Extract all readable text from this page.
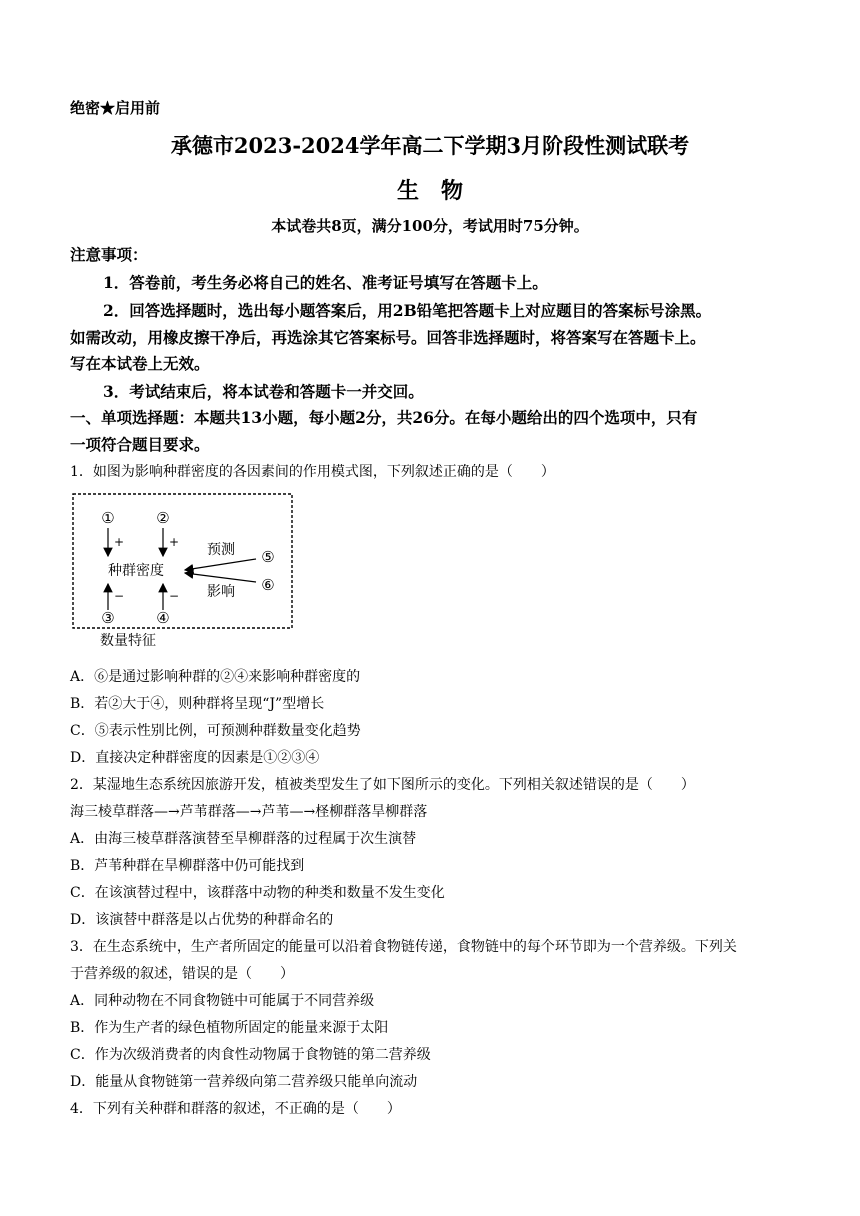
绝密★启用前
承德市2023-2024学年高二下学期3月阶段性测试联考
生物
本试卷共8页，满分100分，考试用时75分钟。
注意事项：
1．答卷前，考生务必将自己的姓名、准考证号填写在答题卡上。
2．回答选择题时，选出每小题答案后，用2B铅笔把答题卡上对应题目的答案标号涂黑。
如需改动，用橡皮擦干净后，再选涂其它答案标号。回答非选择题时，将答案写在答题卡上。
写在本试卷上无效。
3．考试结束后，将本试卷和答题卡一并交回。
一、单项选择题：本题共13小题，每小题2分，共26分。在每小题给出的四个选项中，只有
一项符合题目要求。
1．如图为影响种群密度的各因素间的作用模式图，下列叙述正确的是（　　）
①	②
+	+
种群密度
−	−
③	④
预测
影响
⑤
⑥
数量特征
A．⑥是通过影响种群的②④来影响种群密度的
B．若②大于④，则种群将呈现“J”型增长
C．⑤表示性别比例，可预测种群数量变化趋势
D．直接决定种群密度的因素是①②③④
2．某湿地生态系统因旅游开发，植被类型发生了如下图所示的变化。下列相关叙述错误的是（　　）
海三棱草群落—→芦苇群落—→芦苇—→柽柳群落旱柳群落
A．由海三棱草群落演替至旱柳群落的过程属于次生演替
B．芦苇种群在旱柳群落中仍可能找到
C．在该演替过程中，该群落中动物的种类和数量不发生变化
D．该演替中群落是以占优势的种群命名的
3．在生态系统中，生产者所固定的能量可以沿着食物链传递，食物链中的每个环节即为一个营养级。下列关
于营养级的叙述，错误的是（　　）
A．同种动物在不同食物链中可能属于不同营养级
B．作为生产者的绿色植物所固定的能量来源于太阳
C．作为次级消费者的肉食性动物属于食物链的第二营养级
D．能量从食物链第一营养级向第二营养级只能单向流动
4．下列有关种群和群落的叙述，不正确的是（　　）
